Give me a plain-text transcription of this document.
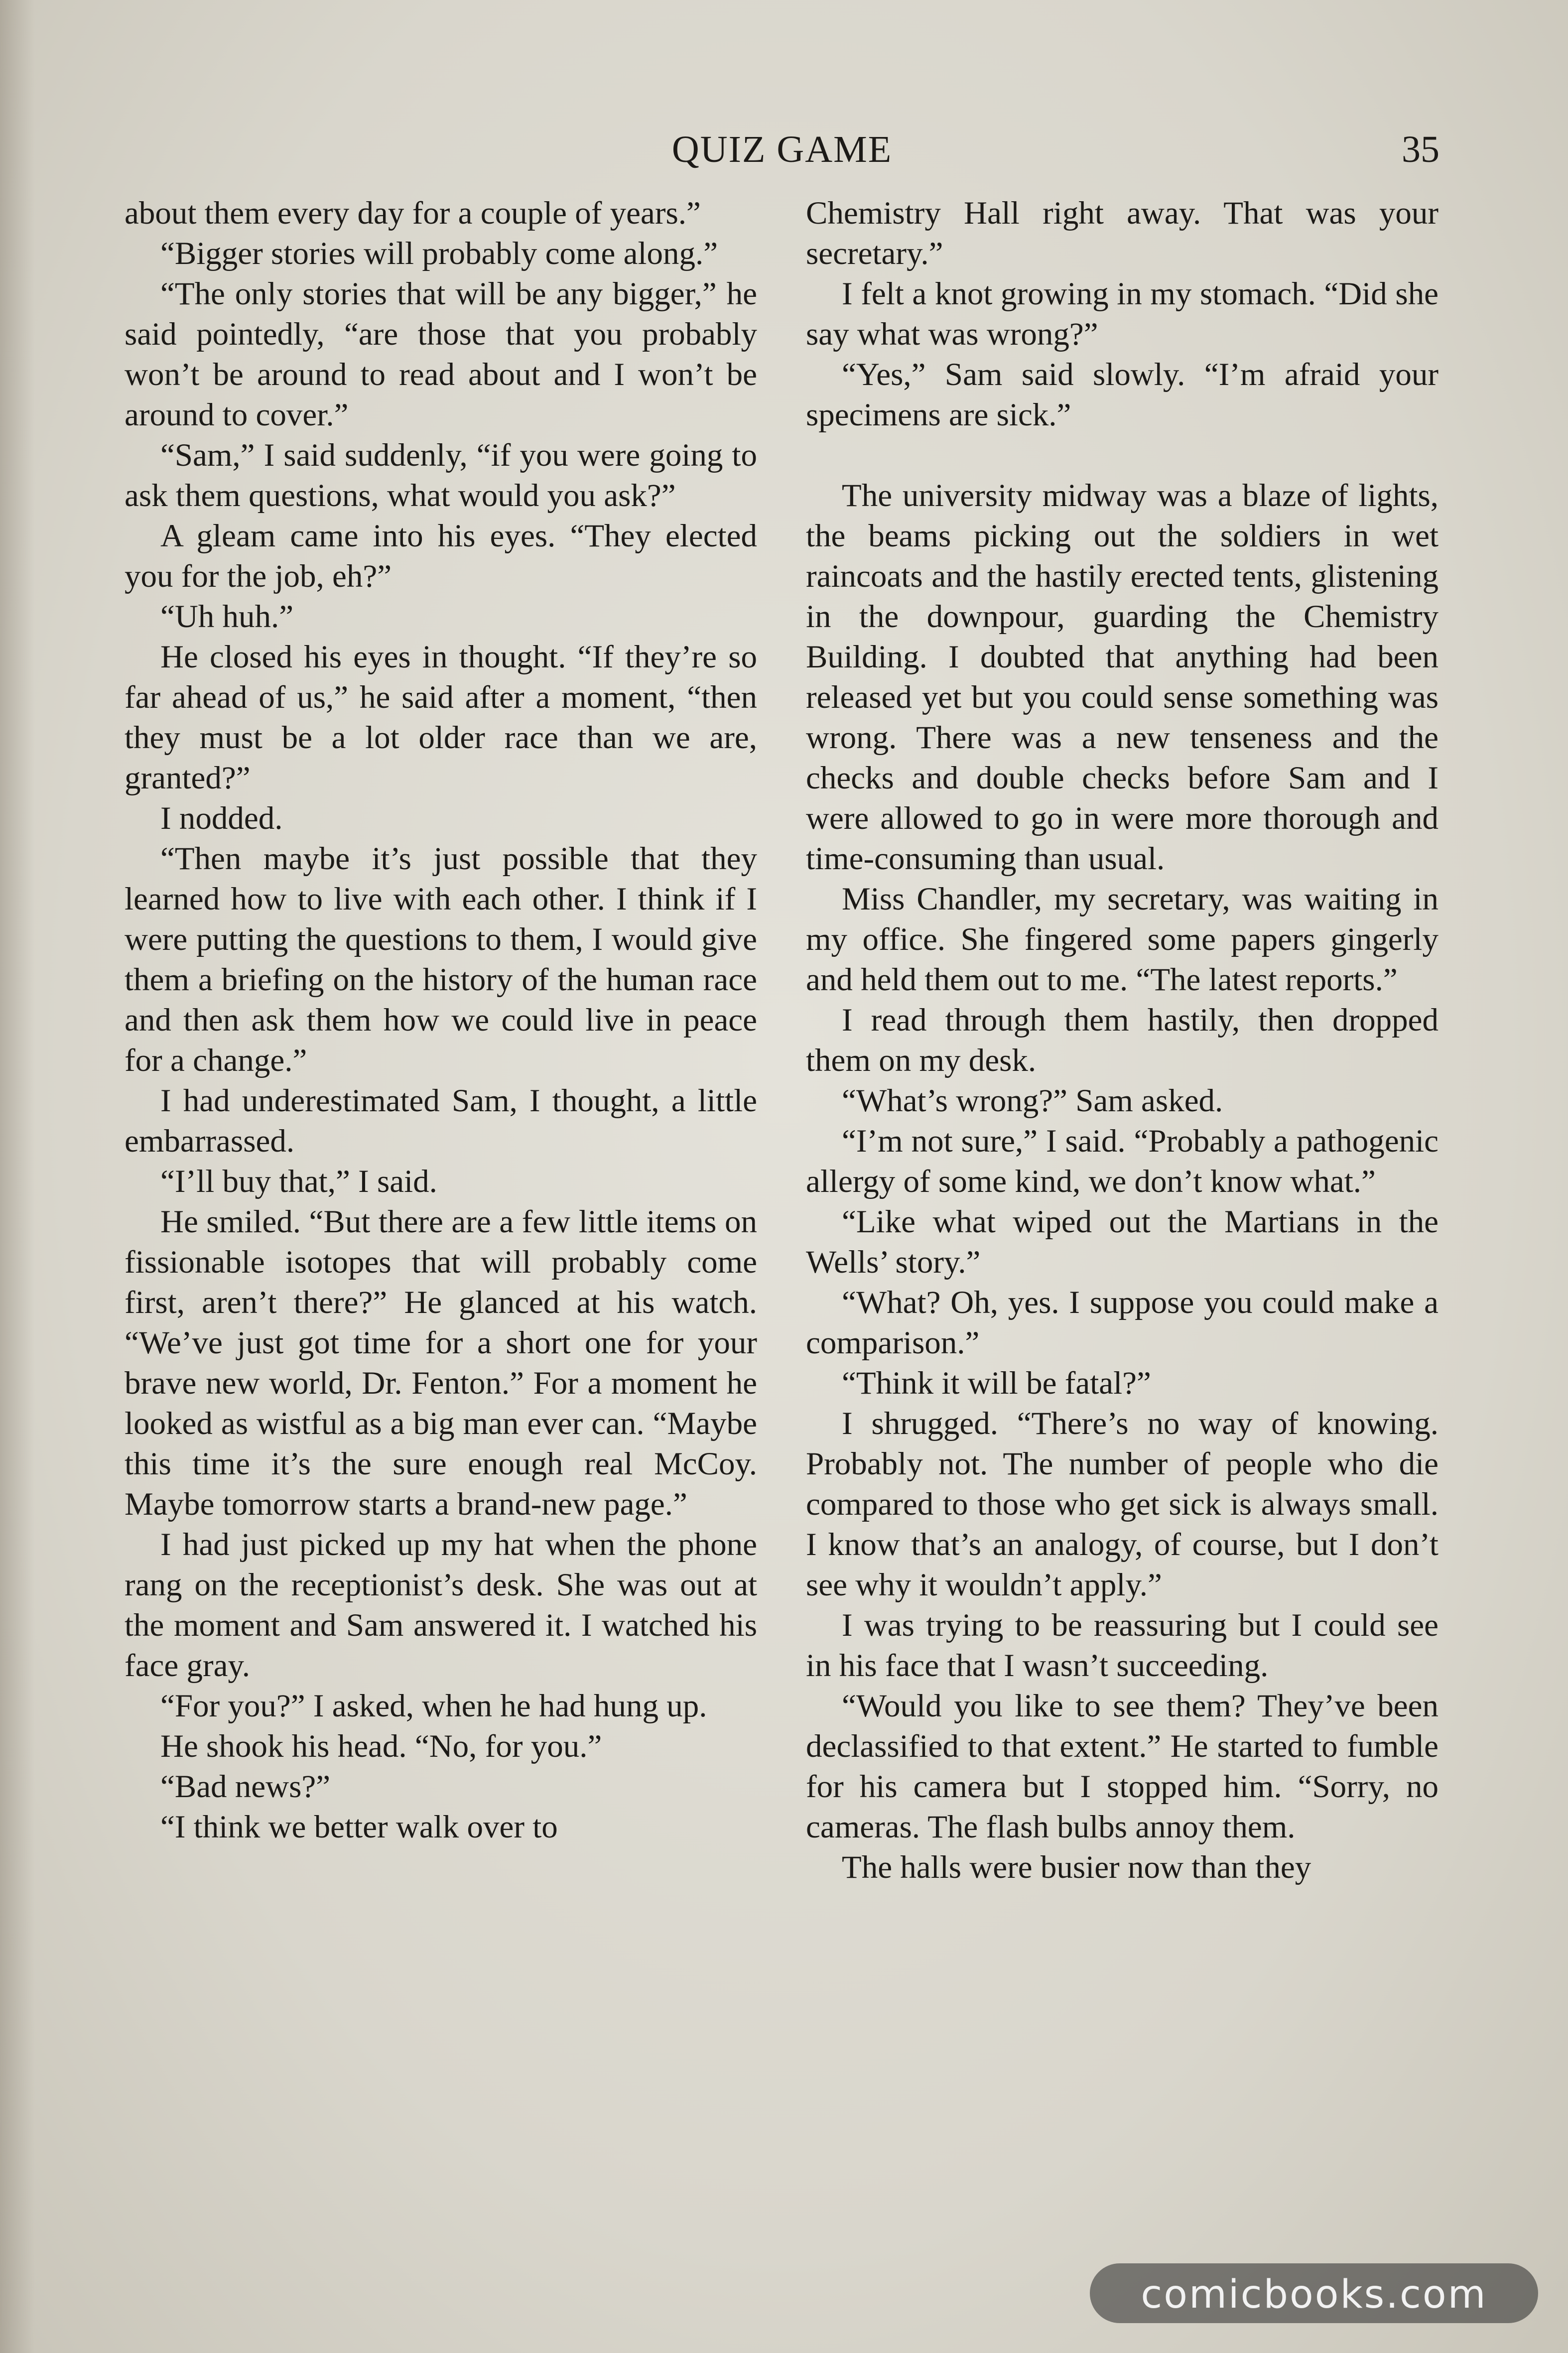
QUIZ GAME	35

about them every day for a couple of years.”

“Bigger stories will probably come along.”

“The only stories that will be any bigger,” he said pointedly, “are those that you probably won’t be around to read about and I won’t be around to cover.”

“Sam,” I said suddenly, “if you were going to ask them questions, what would you ask?”

A gleam came into his eyes. “They elected you for the job, eh?”

“Uh huh.”

He closed his eyes in thought. “If they’re so far ahead of us,” he said after a moment, “then they must be a lot older race than we are, granted?”

I nodded.

“Then maybe it’s just possible that they learned how to live with each other. I think if I were putting the questions to them, I would give them a briefing on the history of the human race and then ask them how we could live in peace for a change.”

I had underestimated Sam, I thought, a little embarrassed.

“I’ll buy that,” I said.

He smiled. “But there are a few little items on fissionable isotopes that will probably come first, aren’t there?” He glanced at his watch. “We’ve just got time for a short one for your brave new world, Dr. Fenton.” For a moment he looked as wistful as a big man ever can. “Maybe this time it’s the sure enough real McCoy. Maybe tomorrow starts a brand-new page.”

I had just picked up my hat when the phone rang on the receptionist’s desk. She was out at the moment and Sam answered it. I watched his face gray.

“For you?” I asked, when he had hung up.

He shook his head. “No, for you.”

“Bad news?”

“I think we better walk over to

Chemistry Hall right away. That was your secretary.”

I felt a knot growing in my stomach. “Did she say what was wrong?”

“Yes,” Sam said slowly. “I’m afraid your specimens are sick.”

The university midway was a blaze of lights, the beams picking out the soldiers in wet raincoats and the hastily erected tents, glistening in the downpour, guarding the Chemistry Building. I doubted that anything had been released yet but you could sense something was wrong. There was a new tenseness and the checks and double checks before Sam and I were allowed to go in were more thorough and time-consuming than usual.

Miss Chandler, my secretary, was waiting in my office. She fingered some papers gingerly and held them out to me. “The latest reports.”

I read through them hastily, then dropped them on my desk.

“What’s wrong?” Sam asked.

“I’m not sure,” I said. “Probably a pathogenic allergy of some kind, we don’t know what.”

“Like what wiped out the Martians in the Wells’ story.”

“What? Oh, yes. I suppose you could make a comparison.”

“Think it will be fatal?”

I shrugged. “There’s no way of knowing. Probably not. The number of people who die compared to those who get sick is always small. I know that’s an analogy, of course, but I don’t see why it wouldn’t apply.”

I was trying to be reassuring but I could see in his face that I wasn’t succeeding.

“Would you like to see them? They’ve been declassified to that extent.” He started to fumble for his camera but I stopped him. “Sorry, no cameras. The flash bulbs annoy them.

The halls were busier now than they

comicbooks.com
